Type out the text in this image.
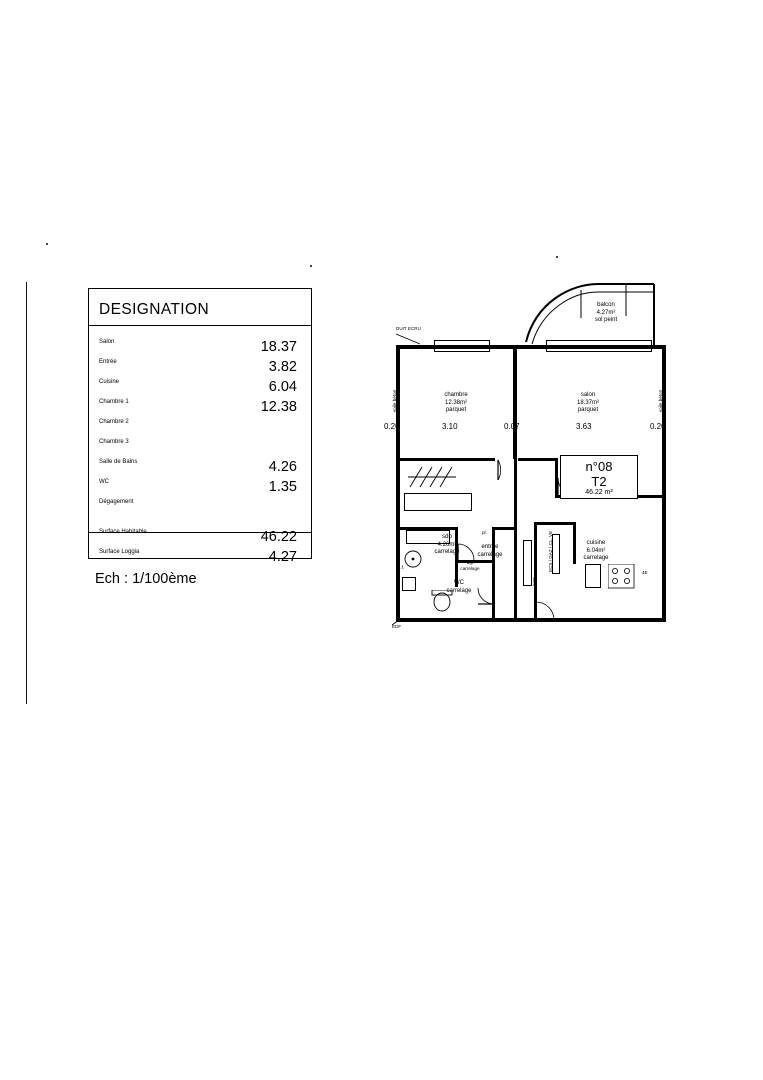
DESIGNATION
Salon	18.37
Entrée	3.82
Cuisine	6.04
Chambre 1	12.38
Chambre 2
Chambre 3
Salle de Bains	4.26
WC	1.35
Dégagement
Surface Habitable	46.22
Surface Loggia	4.27
Ech : 1/100ème
balcon
4.27m²
sol peint
DUIT ECRU
4E
EDF
ECS / GAZ / CL. VE
EDF
chambre
12.38m²
parquet
salon
18.37m²
parquet
sdb
4.26m²
carrelage
entrée
carrelage
cuisine
6.04m²
carrelage
WC
carrelage
dgt
carrelage
c.f.
pl.
n°08
T2
46.22 m²
0.20	3.10	0.07	3.63	0.20
voile béton	voile béton
